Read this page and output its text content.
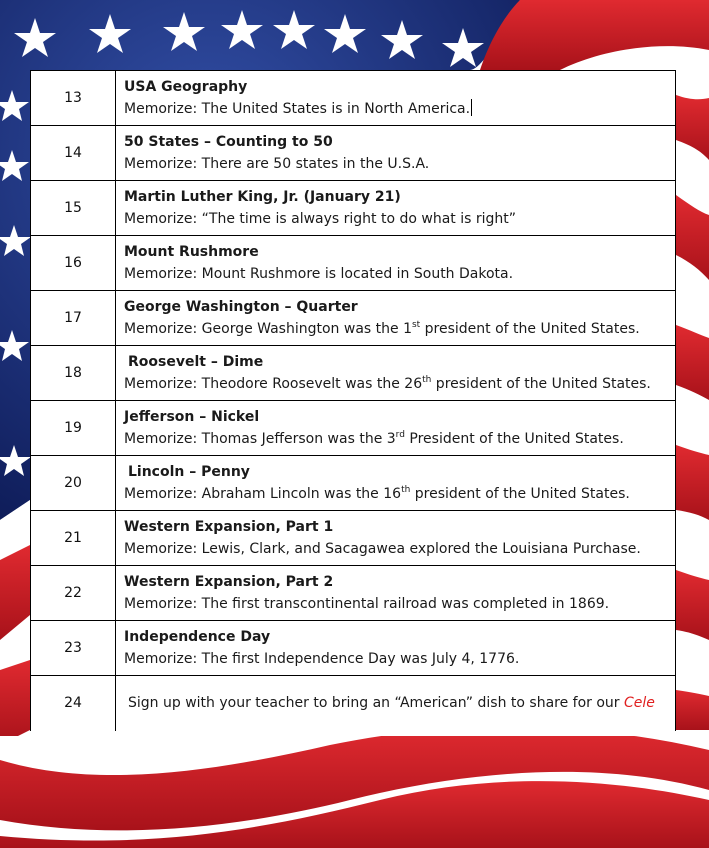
13	USA Geography
Memorize: The United States is in North America.

14	50 States – Counting to 50
Memorize: There are 50 states in the U.S.A.

15	Martin Luther King, Jr. (January 21)
Memorize: “The time is always right to do what is right”

16	Mount Rushmore
Memorize: Mount Rushmore is located in South Dakota.

17	George Washington – Quarter
Memorize: George Washington was the 1st president of the United States.

18	Roosevelt – Dime
Memorize: Theodore Roosevelt was the 26th president of the United States.

19	Jefferson – Nickel
Memorize: Thomas Jefferson was the 3rd President of the United States.

20	Lincoln – Penny
Memorize: Abraham Lincoln was the 16th president of the United States.

21	Western Expansion, Part 1
Memorize: Lewis, Clark, and Sacagawea explored the Louisiana Purchase.

22	Western Expansion, Part 2
Memorize: The first transcontinental railroad was completed in 1869.

23	Independence Day
Memorize: The first Independence Day was July 4, 1776.

24	Sign up with your teacher to bring an “American” dish to share for our Cele
